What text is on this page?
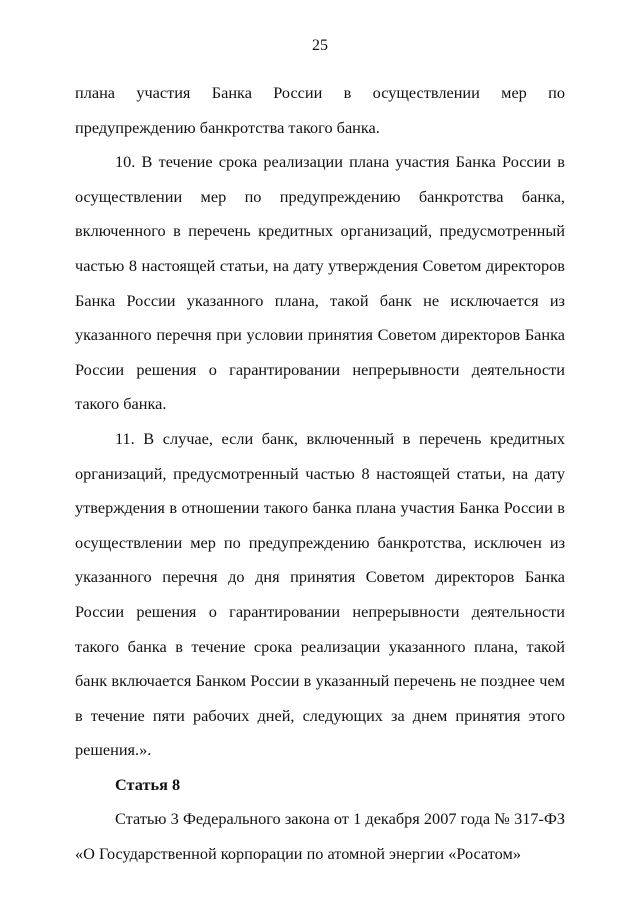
25

плана участия Банка России в осуществлении мер по предупреждению банкротства такого банка.

10. В течение срока реализации плана участия Банка России в осуществлении мер по предупреждению банкротства банка, включенного в перечень кредитных организаций, предусмотренный частью 8 настоящей статьи, на дату утверждения Советом директоров Банка России указанного плана, такой банк не исключается из указанного перечня при условии принятия Советом директоров Банка России решения о гарантировании непрерывности деятельности такого банка.

11. В случае, если банк, включенный в перечень кредитных организаций, предусмотренный частью 8 настоящей статьи, на дату утверждения в отношении такого банка плана участия Банка России в осуществлении мер по предупреждению банкротства, исключен из указанного перечня до дня принятия Советом директоров Банка России решения о гарантировании непрерывности деятельности такого банка в течение срока реализации указанного плана, такой банк включается Банком России в указанный перечень не позднее чем в течение пяти рабочих дней, следующих за днем принятия этого решения.».

Статья 8

Статью 3 Федерального закона от 1 декабря 2007 года № 317-ФЗ «О Государственной корпорации по атомной энергии «Росатом»
